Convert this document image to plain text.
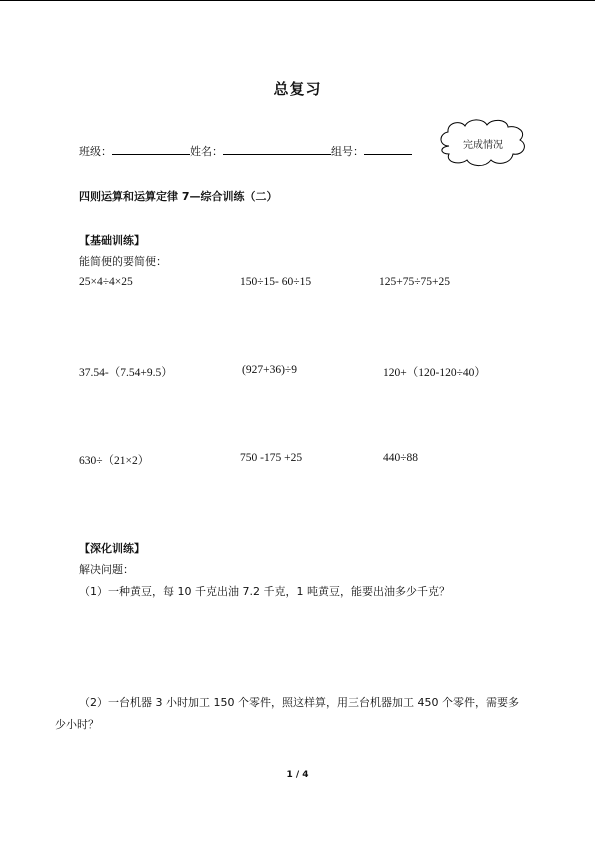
总复习
班级：	姓名：	组号：	完成情况
四则运算和运算定律 7—综合训练（二）
【基础训练】
能简便的要简便：
25×4÷4×25	150÷15- 60÷15	125+75÷75+25
37.54-（7.54+9.5）	(927+36)÷9	120+（120-120÷40）
630÷（21×2）	750 -175 +25	440÷88
【深化训练】
解决问题：
（1）一种黄豆，每 10 千克出油 7.2 千克，1 吨黄豆，能要出油多少千克？
（2）一台机器 3 小时加工 150 个零件，照这样算，用三台机器加工 450 个零件，需要多
少小时？
1 / 4
